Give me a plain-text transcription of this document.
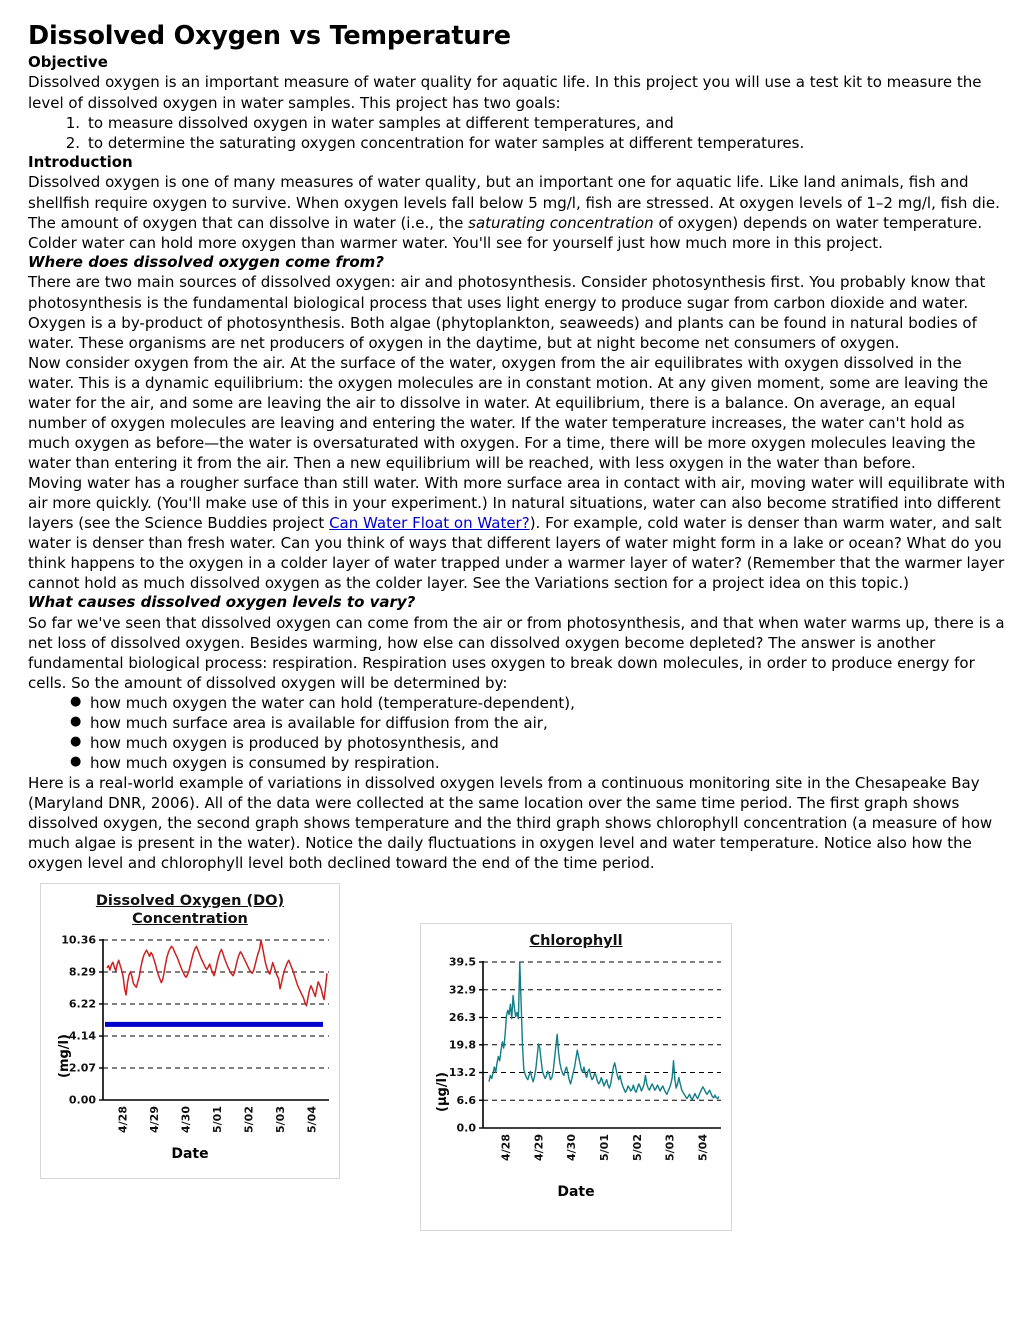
Dissolved Oxygen vs Temperature
Objective

Dissolved oxygen is an important measure of water quality for aquatic life. In this project you will use a test kit to measure the level of dissolved oxygen in water samples. This project has two goals:

1. to measure dissolved oxygen in water samples at different temperatures, and
2. to determine the saturating oxygen concentration for water samples at different temperatures.
Introduction

Dissolved oxygen is one of many measures of water quality, but an important one for aquatic life. Like land animals, fish and shellfish require oxygen to survive. When oxygen levels fall below 5 mg/l, fish are stressed. At oxygen levels of 1–2 mg/l, fish die.

The amount of oxygen that can dissolve in water (i.e., the saturating concentration of oxygen) depends on water temperature. Colder water can hold more oxygen than warmer water. You'll see for yourself just how much more in this project.

Where does dissolved oxygen come from?

There are two main sources of dissolved oxygen: air and photosynthesis. Consider photosynthesis first. You probably know that photosynthesis is the fundamental biological process that uses light energy to produce sugar from carbon dioxide and water. Oxygen is a by-product of photosynthesis. Both algae (phytoplankton, seaweeds) and plants can be found in natural bodies of water. These organisms are net producers of oxygen in the daytime, but at night become net consumers of oxygen.

Now consider oxygen from the air. At the surface of the water, oxygen from the air equilibrates with oxygen dissolved in the water. This is a dynamic equilibrium: the oxygen molecules are in constant motion. At any given moment, some are leaving the water for the air, and some are leaving the air to dissolve in water. At equilibrium, there is a balance. On average, an equal number of oxygen molecules are leaving and entering the water. If the water temperature increases, the water can't hold as much oxygen as before—the water is oversaturated with oxygen. For a time, there will be more oxygen molecules leaving the water than entering it from the air. Then a new equilibrium will be reached, with less oxygen in the water than before.

Moving water has a rougher surface than still water. With more surface area in contact with air, moving water will equilibrate with air more quickly. (You'll make use of this in your experiment.) In natural situations, water can also become stratified into different layers (see the Science Buddies project Can Water Float on Water?). For example, cold water is denser than warm water, and salt water is denser than fresh water. Can you think of ways that different layers of water might form in a lake or ocean? What do you think happens to the oxygen in a colder layer of water trapped under a warmer layer of water? (Remember that the warmer layer cannot hold as much dissolved oxygen as the colder layer. See the Variations section for a project idea on this topic.)

What causes dissolved oxygen levels to vary?

So far we've seen that dissolved oxygen can come from the air or from photosynthesis, and that when water warms up, there is a net loss of dissolved oxygen. Besides warming, how else can dissolved oxygen become depleted? The answer is another fundamental biological process: respiration. Respiration uses oxygen to break down molecules, in order to produce energy for cells. So the amount of dissolved oxygen will be determined by:

● how much oxygen the water can hold (temperature-dependent),
● how much surface area is available for diffusion from the air,
● how much oxygen is produced by photosynthesis, and
● how much oxygen is consumed by respiration.

Here is a real-world example of variations in dissolved oxygen levels from a continuous monitoring site in the Chesapeake Bay (Maryland DNR, 2006). All of the data were collected at the same location over the same time period. The first graph shows dissolved oxygen, the second graph shows temperature and the third graph shows chlorophyll concentration (a measure of how much algae is present in the water). Notice the daily fluctuations in oxygen level and water temperature. Notice also how the oxygen level and chlorophyll level both declined toward the end of the time period.

Dissolved Oxygen (DO)
Concentration
(mg/l)
0.00
2.07
4.14
6.22
8.29
10.36
4/28 4/29 4/30 5/01 5/02 5/03 5/04
Date
Chlorophyll
(µg/l)
0.0
6.6
13.2
19.8
26.3
32.9
39.5
4/28 4/29 4/30 5/01 5/02 5/03 5/04
Date
